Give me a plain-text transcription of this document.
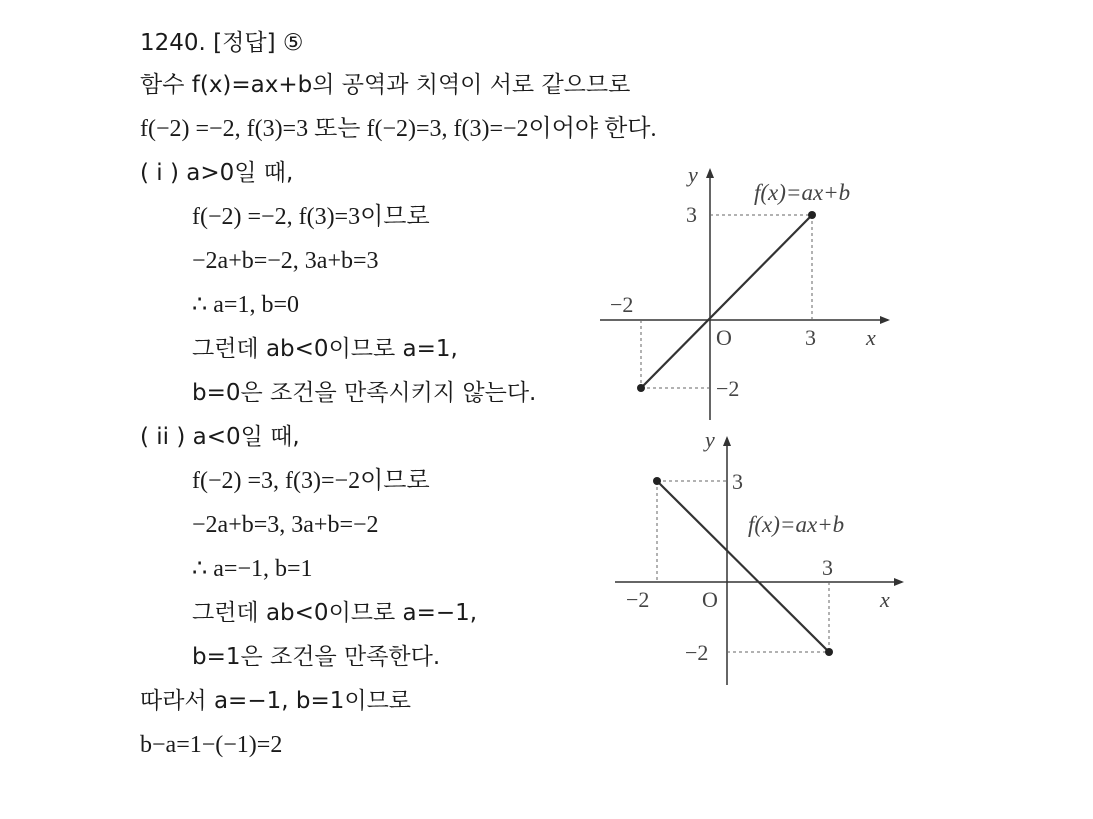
1240. [정답] ⑤
함수 f(x)=ax+b의 공역과 치역이 서로 같으므로
f(−2) =−2, f(3)=3 또는 f(−2)=3, f(3)=−2이어야 한다.
( i ) a>0일 때,
f(−2) =−2, f(3)=3이므로
−2a+b=−2, 3a+b=3
∴ a=1, b=0
그런데 ab<0이므로 a=1,
b=0은 조건을 만족시키지 않는다.
( ii ) a<0일 때,
f(−2) =3, f(3)=−2이므로
−2a+b=3, 3a+b=−2
∴ a=−1, b=1
그런데 ab<0이므로 a=−1,
b=1은 조건을 만족한다.
따라서 a=−1, b=1이므로
b−a=1−(−1)=2
y
x
O
f(x)=ax+b
3
−2
3
−2
y
x
O
f(x)=ax+b
3
−2
3
−2
